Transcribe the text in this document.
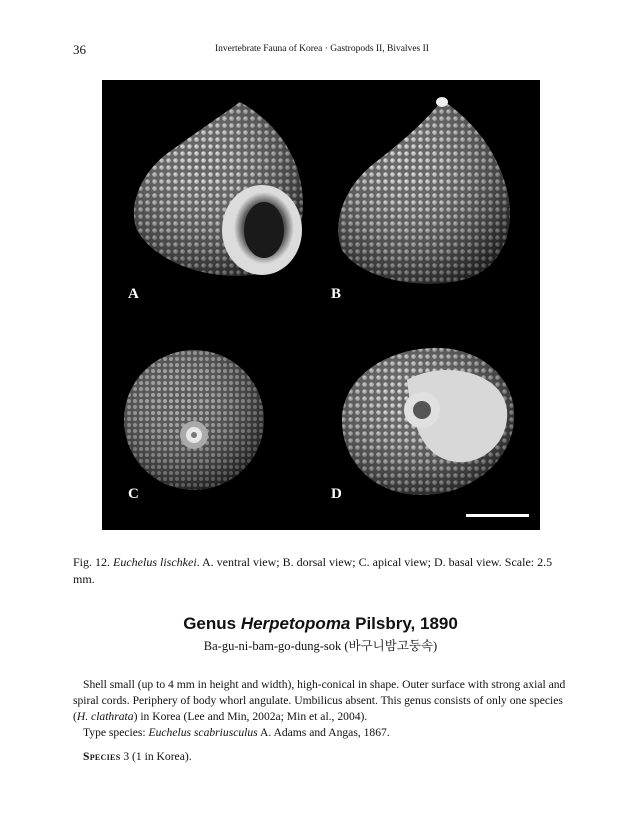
36	Invertebrate Fauna of Korea · Gastropods II, Bivalves II
A	B
C	D
Fig. 12. Euchelus lischkei. A. ventral view; B. dorsal view; C. apical view; D. basal view. Scale: 2.5 mm.
Genus Herpetopoma Pilsbry, 1890
Ba-gu-ni-bam-go-dung-sok (바구니밤고둥속)

Shell small (up to 4 mm in height and width), high-conical in shape. Outer surface with strong axial and spiral cords. Periphery of body whorl angulate. Umbilicus absent. This genus consists of only one species (H. clathrata) in Korea (Lee and Min, 2002a; Min et al., 2004).

Type species: Euchelus scabriusculus A. Adams and Angas, 1867.

Species 3 (1 in Korea).
